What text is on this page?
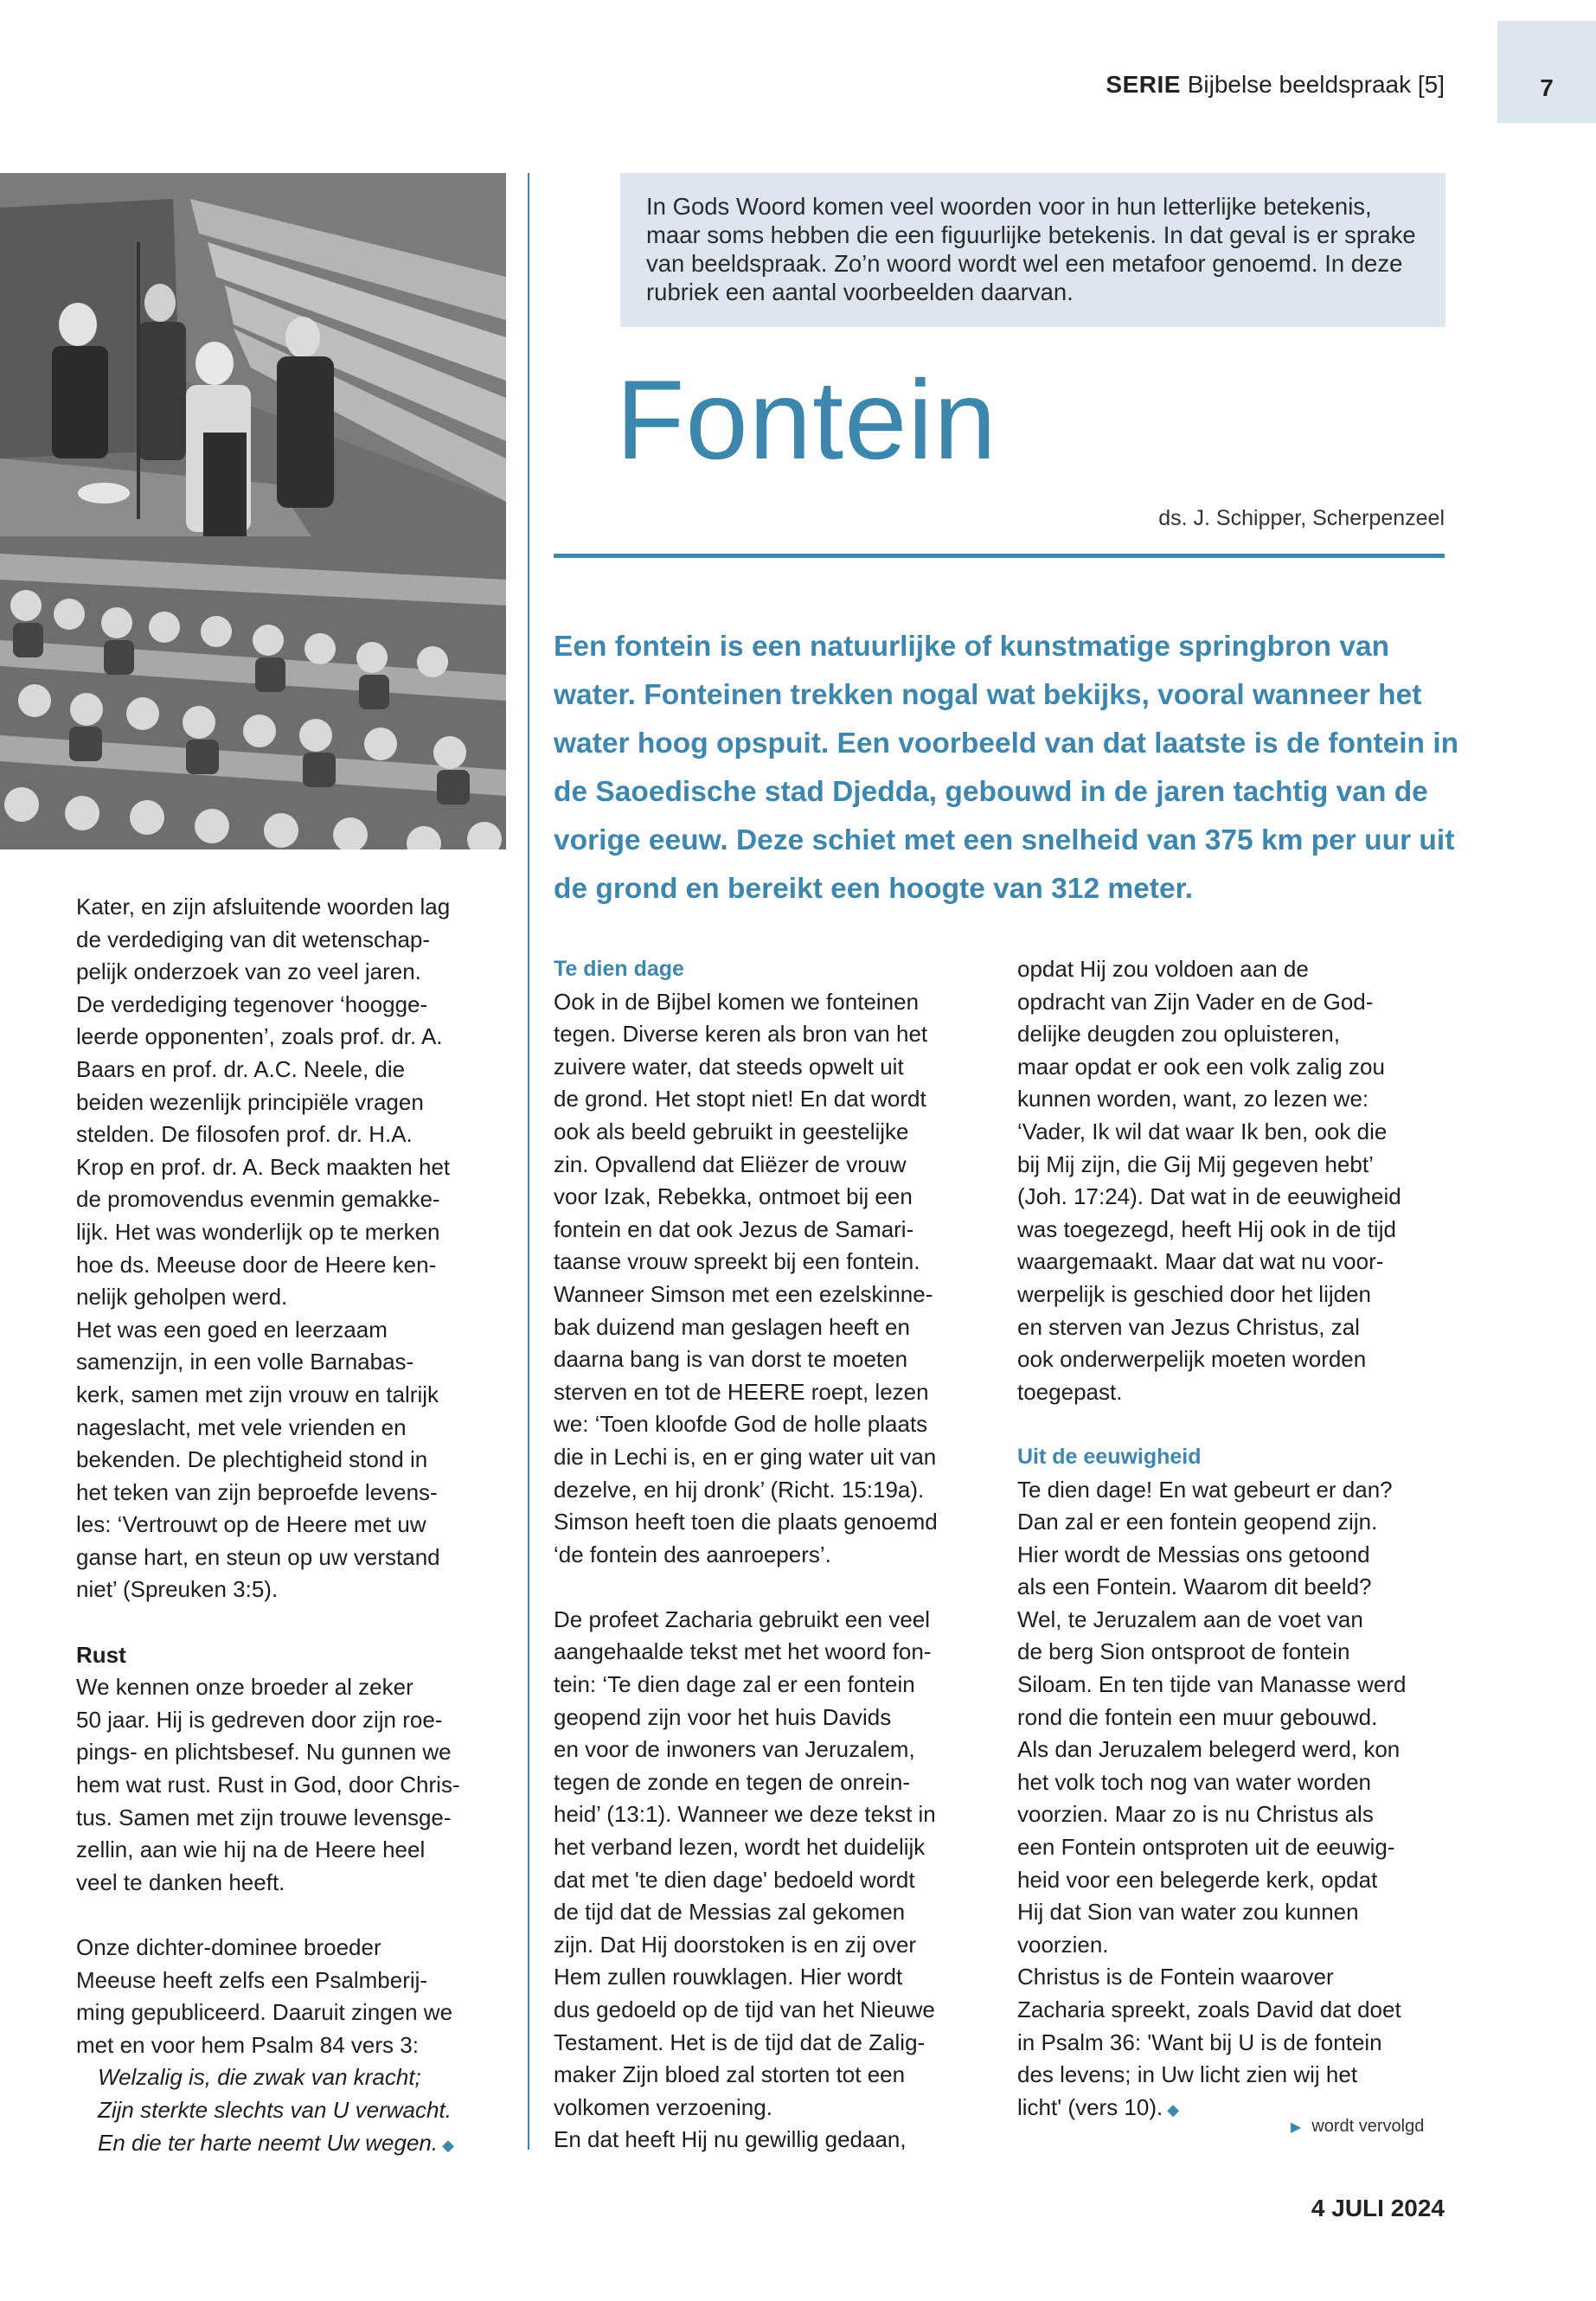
SERIE Bijbelse beeldspraak [5]	7
In Gods Woord komen veel woorden voor in hun letterlijke betekenis, maar soms hebben die een figuurlijke betekenis. In dat geval is er sprake van beeldspraak. Zo’n woord wordt wel een metafoor genoemd. In deze rubriek een aantal voorbeelden daarvan.
Fontein
ds. J. Schipper, Scherpenzeel
Een fontein is een natuurlijke of kunstmatige springbron van water. Fonteinen trekken nogal wat bekijks, vooral wanneer het water hoog opspuit. Een voorbeeld van dat laatste is de fontein in de Saoedische stad Djedda, gebouwd in de jaren tachtig van de vorige eeuw. Deze schiet met een snelheid van 375 km per uur uit de grond en bereikt een hoogte van 312 meter.
Kater, en zijn afsluitende woorden lag
de verdediging van dit wetenschap-
pelijk onderzoek van zo veel jaren.
De verdediging tegenover ‘hoogge-
leerde opponenten’, zoals prof. dr. A.
Baars en prof. dr. A.C. Neele, die
beiden wezenlijk principiële vragen
stelden. De filosofen prof. dr. H.A.
Krop en prof. dr. A. Beck maakten het
de promovendus evenmin gemakke-
lijk. Het was wonderlijk op te merken
hoe ds. Meeuse door de Heere ken-
nelijk geholpen werd.
Het was een goed en leerzaam
samenzijn, in een volle Barnabas-
kerk, samen met zijn vrouw en talrijk
nageslacht, met vele vrienden en
bekenden. De plechtigheid stond in
het teken van zijn beproefde levens-
les: ‘Vertrouwt op de Heere met uw
ganse hart, en steun op uw verstand
niet’ (Spreuken 3:5).
Rust
We kennen onze broeder al zeker
50 jaar. Hij is gedreven door zijn roe-
pings- en plichtsbesef. Nu gunnen we
hem wat rust. Rust in God, door Chris-
tus. Samen met zijn trouwe levensge-
zellin, aan wie hij na de Heere heel
veel te danken heeft.
Onze dichter-dominee broeder
Meeuse heeft zelfs een Psalmberij-
ming gepubliceerd. Daaruit zingen we
met en voor hem Psalm 84 vers 3:
Welzalig is, die zwak van kracht;
Zijn sterkte slechts van U verwacht.
En die ter harte neemt Uw wegen. ◆
Te dien dage
Ook in de Bijbel komen we fonteinen
tegen. Diverse keren als bron van het
zuivere water, dat steeds opwelt uit
de grond. Het stopt niet! En dat wordt
ook als beeld gebruikt in geestelijke
zin. Opvallend dat Eliëzer de vrouw
voor Izak, Rebekka, ontmoet bij een
fontein en dat ook Jezus de Samari-
taanse vrouw spreekt bij een fontein.
Wanneer Simson met een ezelskinne-
bak duizend man geslagen heeft en
daarna bang is van dorst te moeten
sterven en tot de HEERE roept, lezen
we: ‘Toen kloofde God de holle plaats
die in Lechi is, en er ging water uit van
dezelve, en hij dronk’ (Richt. 15:19a).
Simson heeft toen die plaats genoemd
‘de fontein des aanroepers’.
De profeet Zacharia gebruikt een veel
aangehaalde tekst met het woord fon-
tein: ‘Te dien dage zal er een fontein
geopend zijn voor het huis Davids
en voor de inwoners van Jeruzalem,
tegen de zonde en tegen de onrein-
heid’ (13:1). Wanneer we deze tekst in
het verband lezen, wordt het duidelijk
dat met 'te dien dage' bedoeld wordt
de tijd dat de Messias zal gekomen
zijn. Dat Hij doorstoken is en zij over
Hem zullen rouwklagen. Hier wordt
dus gedoeld op de tijd van het Nieuwe
Testament. Het is de tijd dat de Zalig-
maker Zijn bloed zal storten tot een
volkomen verzoening.
En dat heeft Hij nu gewillig gedaan,
opdat Hij zou voldoen aan de
opdracht van Zijn Vader en de God-
delijke deugden zou opluisteren,
maar opdat er ook een volk zalig zou
kunnen worden, want, zo lezen we:
‘Vader, Ik wil dat waar Ik ben, ook die
bij Mij zijn, die Gij Mij gegeven hebt’
(Joh. 17:24). Dat wat in de eeuwigheid
was toegezegd, heeft Hij ook in de tijd
waargemaakt. Maar dat wat nu voor-
werpelijk is geschied door het lijden
en sterven van Jezus Christus, zal
ook onderwerpelijk moeten worden
toegepast.
Uit de eeuwigheid
Te dien dage! En wat gebeurt er dan?
Dan zal er een fontein geopend zijn.
Hier wordt de Messias ons getoond
als een Fontein. Waarom dit beeld?
Wel, te Jeruzalem aan de voet van
de berg Sion ontsproot de fontein
Siloam. En ten tijde van Manasse werd
rond die fontein een muur gebouwd.
Als dan Jeruzalem belegerd werd, kon
het volk toch nog van water worden
voorzien. Maar zo is nu Christus als
een Fontein ontsproten uit de eeuwig-
heid voor een belegerde kerk, opdat
Hij dat Sion van water zou kunnen
voorzien.
Christus is de Fontein waarover
Zacharia spreekt, zoals David dat doet
in Psalm 36: 'Want bij U is de fontein
des levens; in Uw licht zien wij het
licht' (vers 10). ◆
▶ wordt vervolgd
4 JULI 2024
